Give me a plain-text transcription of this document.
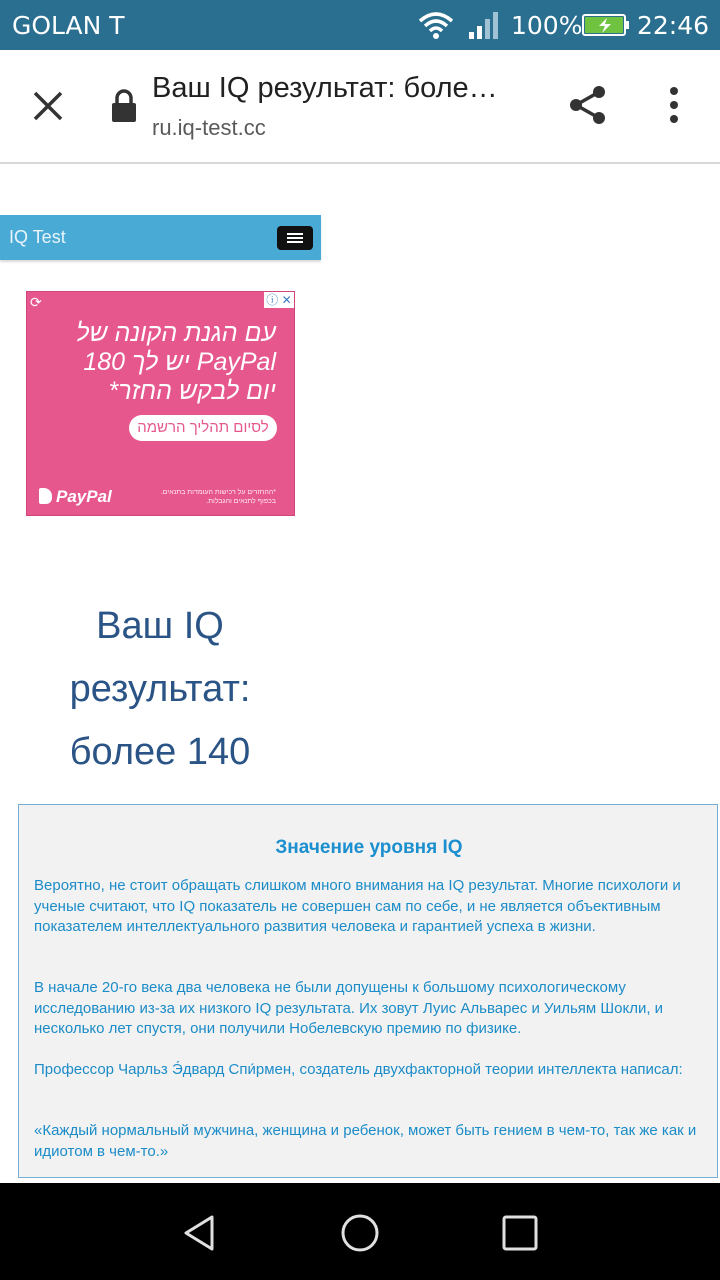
GOLAN T	100% 22:46
Ваш IQ результат: боле…
ru.iq-test.cc
IQ Test
⟳	ⓘ ✕
עם הגנת הקונה של
PayPal יש לך 180
יום לבקש החזר*
לסיום תהליך הרשמה
PayPal	*ההחזרים על רכישות העומדות בתנאים. בכפוף לתנאים והגבלות.
Ваш IQ
результат:
более 140
Значение уровня IQ
Вероятно, не стоит обращать слишком много внимания на IQ результат. Многие психологи и ученые считают, что IQ показатель не совершен сам по себе, и не является объективным показателем интеллектуального развития человека и гарантией успеха в жизни.
В начале 20-го века два человека не были допущены к большому психологическому исследованию из-за их низкого IQ результата. Их зовут Луис Альварес и Уильям Шокли, и несколько лет спустя, они получили Нобелевскую премию по физике.
Профессор Чарльз Э́двард Спи́рмен, создатель двухфакторной теории интеллекта написал:
«Каждый нормальный мужчина, женщина и ребенок, может быть гением в чем-то, так же как и идиотом в чем-то.»
